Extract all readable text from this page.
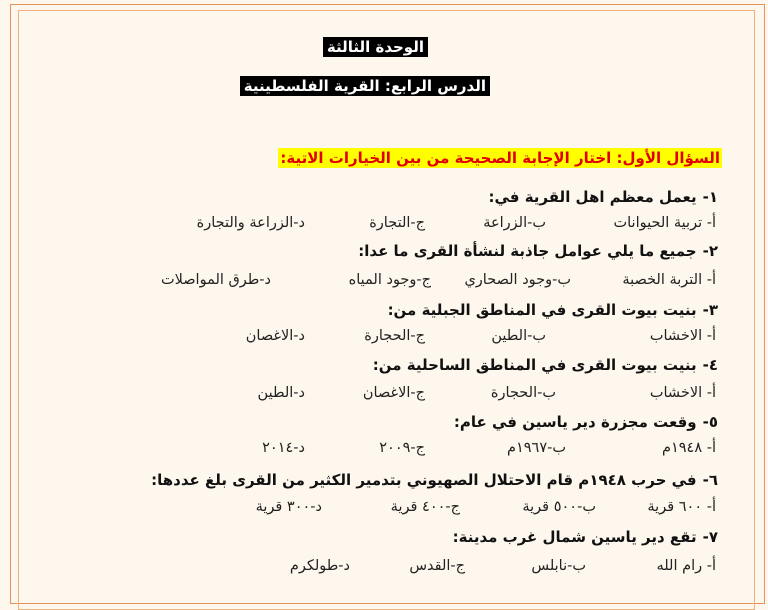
الوحدة الثالثة
الدرس الرابع: القرية الفلسطينية
السؤال الأول: اختار الإجابة الصحيحة من بين الخيارات الاتية:
١-يعمل معظم اهل القرية في:
أ- تربية الحيوانات
ب-الزراعة
ج-التجارة
د-الزراعة والتجارة
٢-جميع ما يلي عوامل جاذبة لنشأة القرى ما عدا:
أ- التربة الخصبة
ب-وجود الصحاري
ج-وجود المياه
د-طرق المواصلات
٣-بنيت بيوت القرى في المناطق الجبلية من:
أ- الاخشاب
ب-الطين
ج-الحجارة
د-الاغصان
٤-بنيت بيوت القرى في المناطق الساحلية من:
أ- الاخشاب
ب-الحجارة
ج-الاغصان
د-الطين
٥-وقعت مجزرة دير ياسين في عام:
أ- ١٩٤٨م
ب-١٩٦٧م
ج-٢٠٠٩
د-٢٠١٤
٦-في حرب ١٩٤٨م قام الاحتلال الصهيوني بتدمير الكثير من القرى بلغ عددها:
أ- ٦٠٠ قرية
ب-٥٠٠ قرية
ج-٤٠٠ قرية
د-٣٠٠ قرية
٧-تقع دير ياسين شمال غرب مدينة:
أ- رام الله
ب-نابلس
ج-القدس
د-طولكرم
